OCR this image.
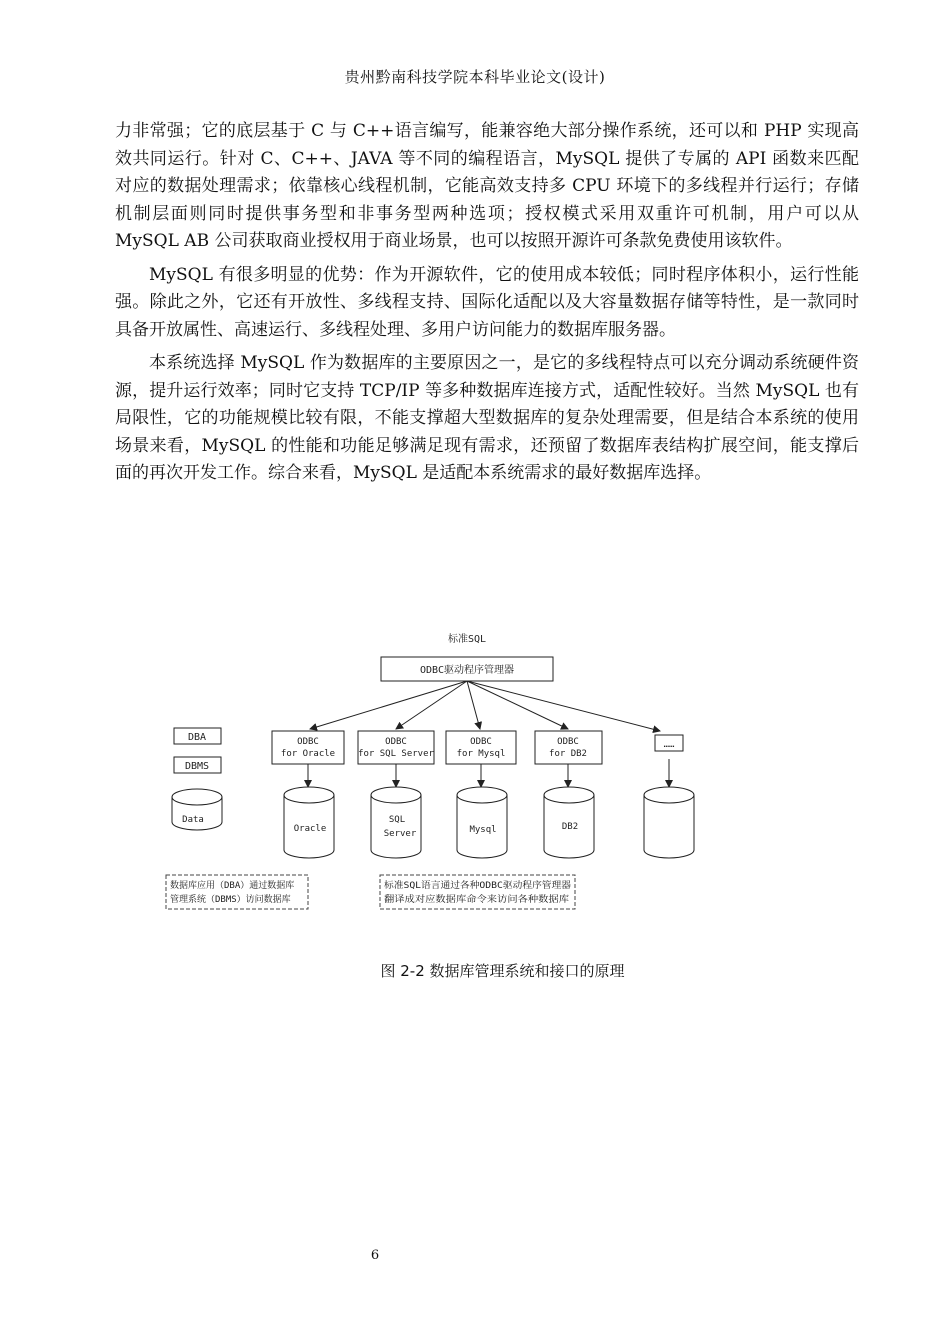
贵州黔南科技学院本科毕业论文(设计)

力非常强；它的底层基于 C 与 C++语言编写，能兼容绝大部分操作系统，还可以和 PHP 实现高效共同运行。针对 C、C++、JAVA 等不同的编程语言，MySQL 提供了专属的 API 函数来匹配对应的数据处理需求；依靠核心线程机制，它能高效支持多 CPU 环境下的多线程并行运行；存储机制层面则同时提供事务型和非事务型两种选项；授权模式采用双重许可机制，用户可以从 MySQL AB 公司获取商业授权用于商业场景，也可以按照开源许可条款免费使用该软件。

MySQL 有很多明显的优势：作为开源软件，它的使用成本较低；同时程序体积小，运行性能强。除此之外，它还有开放性、多线程支持、国际化适配以及大容量数据存储等特性，是一款同时具备开放属性、高速运行、多线程处理、多用户访问能力的数据库服务器。

本系统选择 MySQL 作为数据库的主要原因之一，是它的多线程特点可以充分调动系统硬件资源，提升运行效率；同时它支持 TCP/IP 等多种数据库连接方式，适配性较好。当然 MySQL 也有局限性，它的功能规模比较有限，不能支撑超大型数据库的复杂处理需要，但是结合本系统的使用场景来看，MySQL 的性能和功能足够满足现有需求，还预留了数据库表结构扩展空间，能支撑后面的再次开发工作。综合来看，MySQL 是适配本系统需求的最好数据库选择。

标准SQL
ODBC驱动程序管理器
DBA
DBMS
Data
ODBC
for Oracle
Oracle
ODBC
for SQL Server
SQL
Server
ODBC
for Mysql
Mysql
ODBC
for DB2
DB2
……
数据库应用（DBA）通过数据库
管理系统（DBMS）访问数据库
标准SQL语言通过各种ODBC驱动程序管理器
翻译成对应数据库命令来访问各种数据库
图 2-2 数据库管理系统和接口的原理
6
